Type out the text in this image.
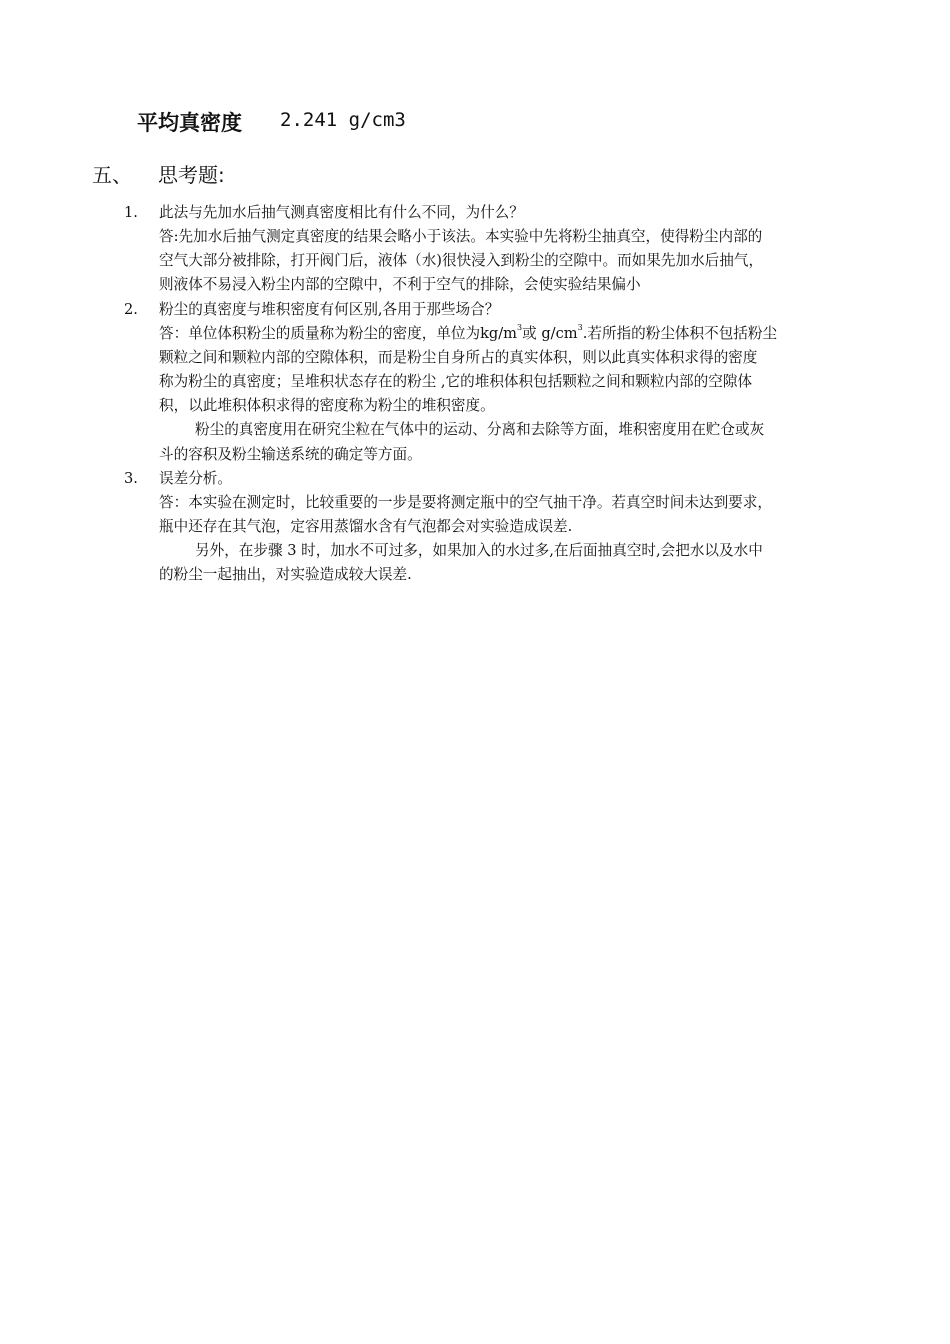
平均真密度 2.241 g/cm3
五、 思考题:
1.	此法与先加水后抽气测真密度相比有什么不同，为什么？
答:先加水后抽气测定真密度的结果会略小于该法。本实验中先将粉尘抽真空，使得粉尘内部的
空气大部分被排除，打开阀门后，液体（水)很快浸入到粉尘的空隙中。而如果先加水后抽气，
则液体不易浸入粉尘内部的空隙中，不利于空气的排除，会使实验结果偏小
2.	粉尘的真密度与堆积密度有何区别,各用于那些场合？
答：单位体积粉尘的质量称为粉尘的密度，单位为$kg/m^3$或 $g/cm^3$.若所指的粉尘体积不包括粉尘
颗粒之间和颗粒内部的空隙体积，而是粉尘自身所占的真实体积，则以此真实体积求得的密度
称为粉尘的真密度；呈堆积状态存在的粉尘 ,它的堆积体积包括颗粒之间和颗粒内部的空隙体
积，以此堆积体积求得的密度称为粉尘的堆积密度。
粉尘的真密度用在研究尘粒在气体中的运动、分离和去除等方面，堆积密度用在贮仓或灰
斗的容积及粉尘输送系统的确定等方面。
3.	误差分析。
答：本实验在测定时，比较重要的一步是要将测定瓶中的空气抽干净。若真空时间未达到要求，
瓶中还存在其气泡，定容用蒸馏水含有气泡都会对实验造成误差.
另外，在步骤 3 时，加水不可过多，如果加入的水过多,在后面抽真空时,会把水以及水中
的粉尘一起抽出，对实验造成较大误差.
